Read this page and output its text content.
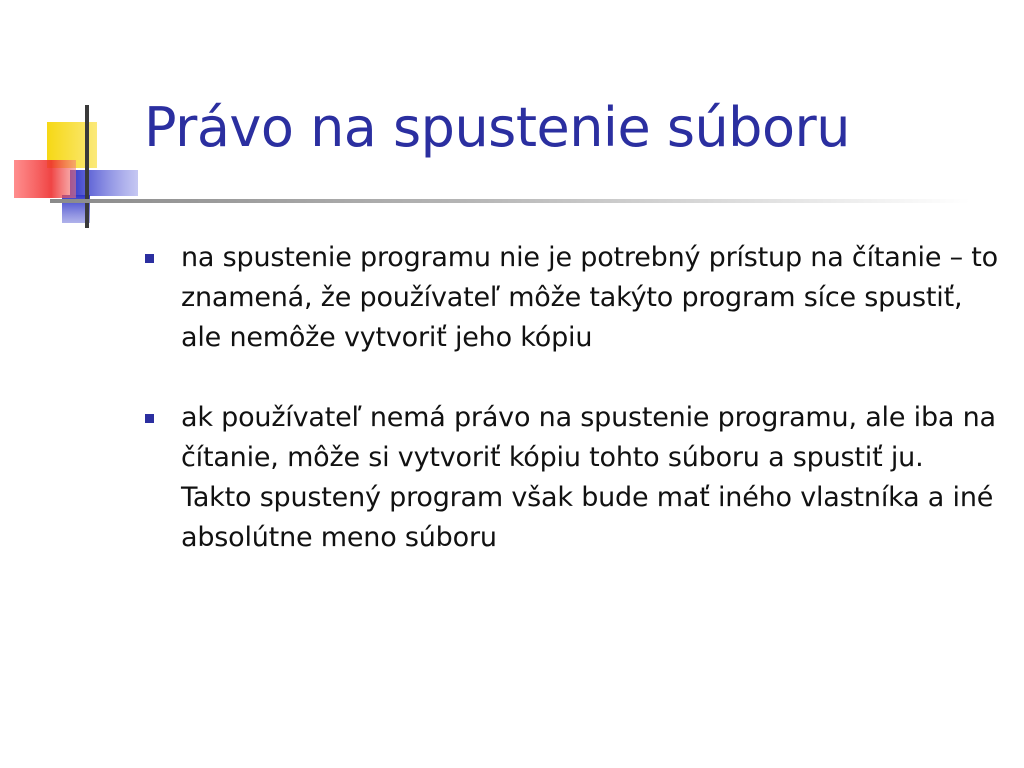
Právo na spustenie súboru
na spustenie programu nie je potrebný prístup na čítanie – to znamená, že používateľ môže takýto program síce spustiť, ale nemôže vytvoriť jeho kópiu
ak používateľ nemá právo na spustenie programu, ale iba na čítanie, môže si vytvoriť kópiu tohto súboru a spustiť ju. Takto spustený program však bude mať iného vlastníka a iné absolútne meno súboru
